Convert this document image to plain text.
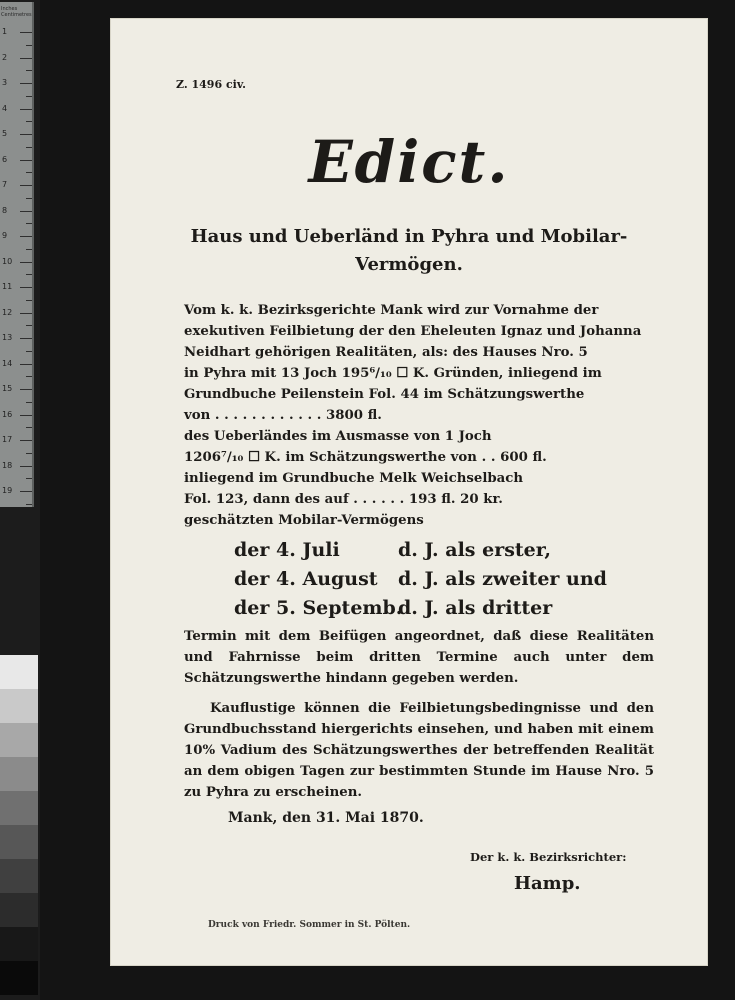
Inches Centimetres
1
2
3
4
5
6
7
8
9
10
11
12
13
14
15
16
17
18
19
Z. 1496 civ.
Edict.
Haus und Ueberländ in Pyhra und Mobilar-Vermögen.
Vom k. k. Bezirksgerichte Mank wird zur Vornahme der
exekutiven Feilbietung der den Eheleuten Ignaz und Johanna
Neidhart gehörigen Realitäten, als: des Hauses Nro. 5
in Pyhra mit 13 Joch 195⁶/₁₀ ☐ K. Gründen, inliegend im
Grundbuche Peilenstein Fol. 44 im Schätzungswerthe
von . . . . . . . . . . . . 3800 fl.
des Ueberländes im Ausmasse von 1 Joch
1206⁷/₁₀ ☐ K. im Schätzungswerthe von . . 600 fl.
inliegend im Grundbuche Melk Weichselbach
Fol. 123, dann des auf . . . . . . 193 fl. 20 kr.
geschätzten Mobilar-Vermögens
der 4. Juli	d. J. als erster,
der 4. August	d. J. als zweiter und
der 5. Septemb.
d. J. als dritter

Termin mit dem Beifügen angeordnet, daß diese Realitäten und Fahrnisse beim dritten Termine auch unter dem Schätzungswerthe hindann gegeben werden.

Kauflustige können die Feilbietungsbedingnisse und den Grundbuchsstand hiergerichts einsehen, und haben mit einem 10% Vadium des Schätzungswerthes der betreffenden Realität an dem obigen Tagen zur bestimmten Stunde im Hause Nro. 5 zu Pyhra zu erscheinen.

Mank, den 31. Mai 1870.
Der k. k. Bezirksrichter:
Hamp.
Druck von Friedr. Sommer in St. Pölten.
